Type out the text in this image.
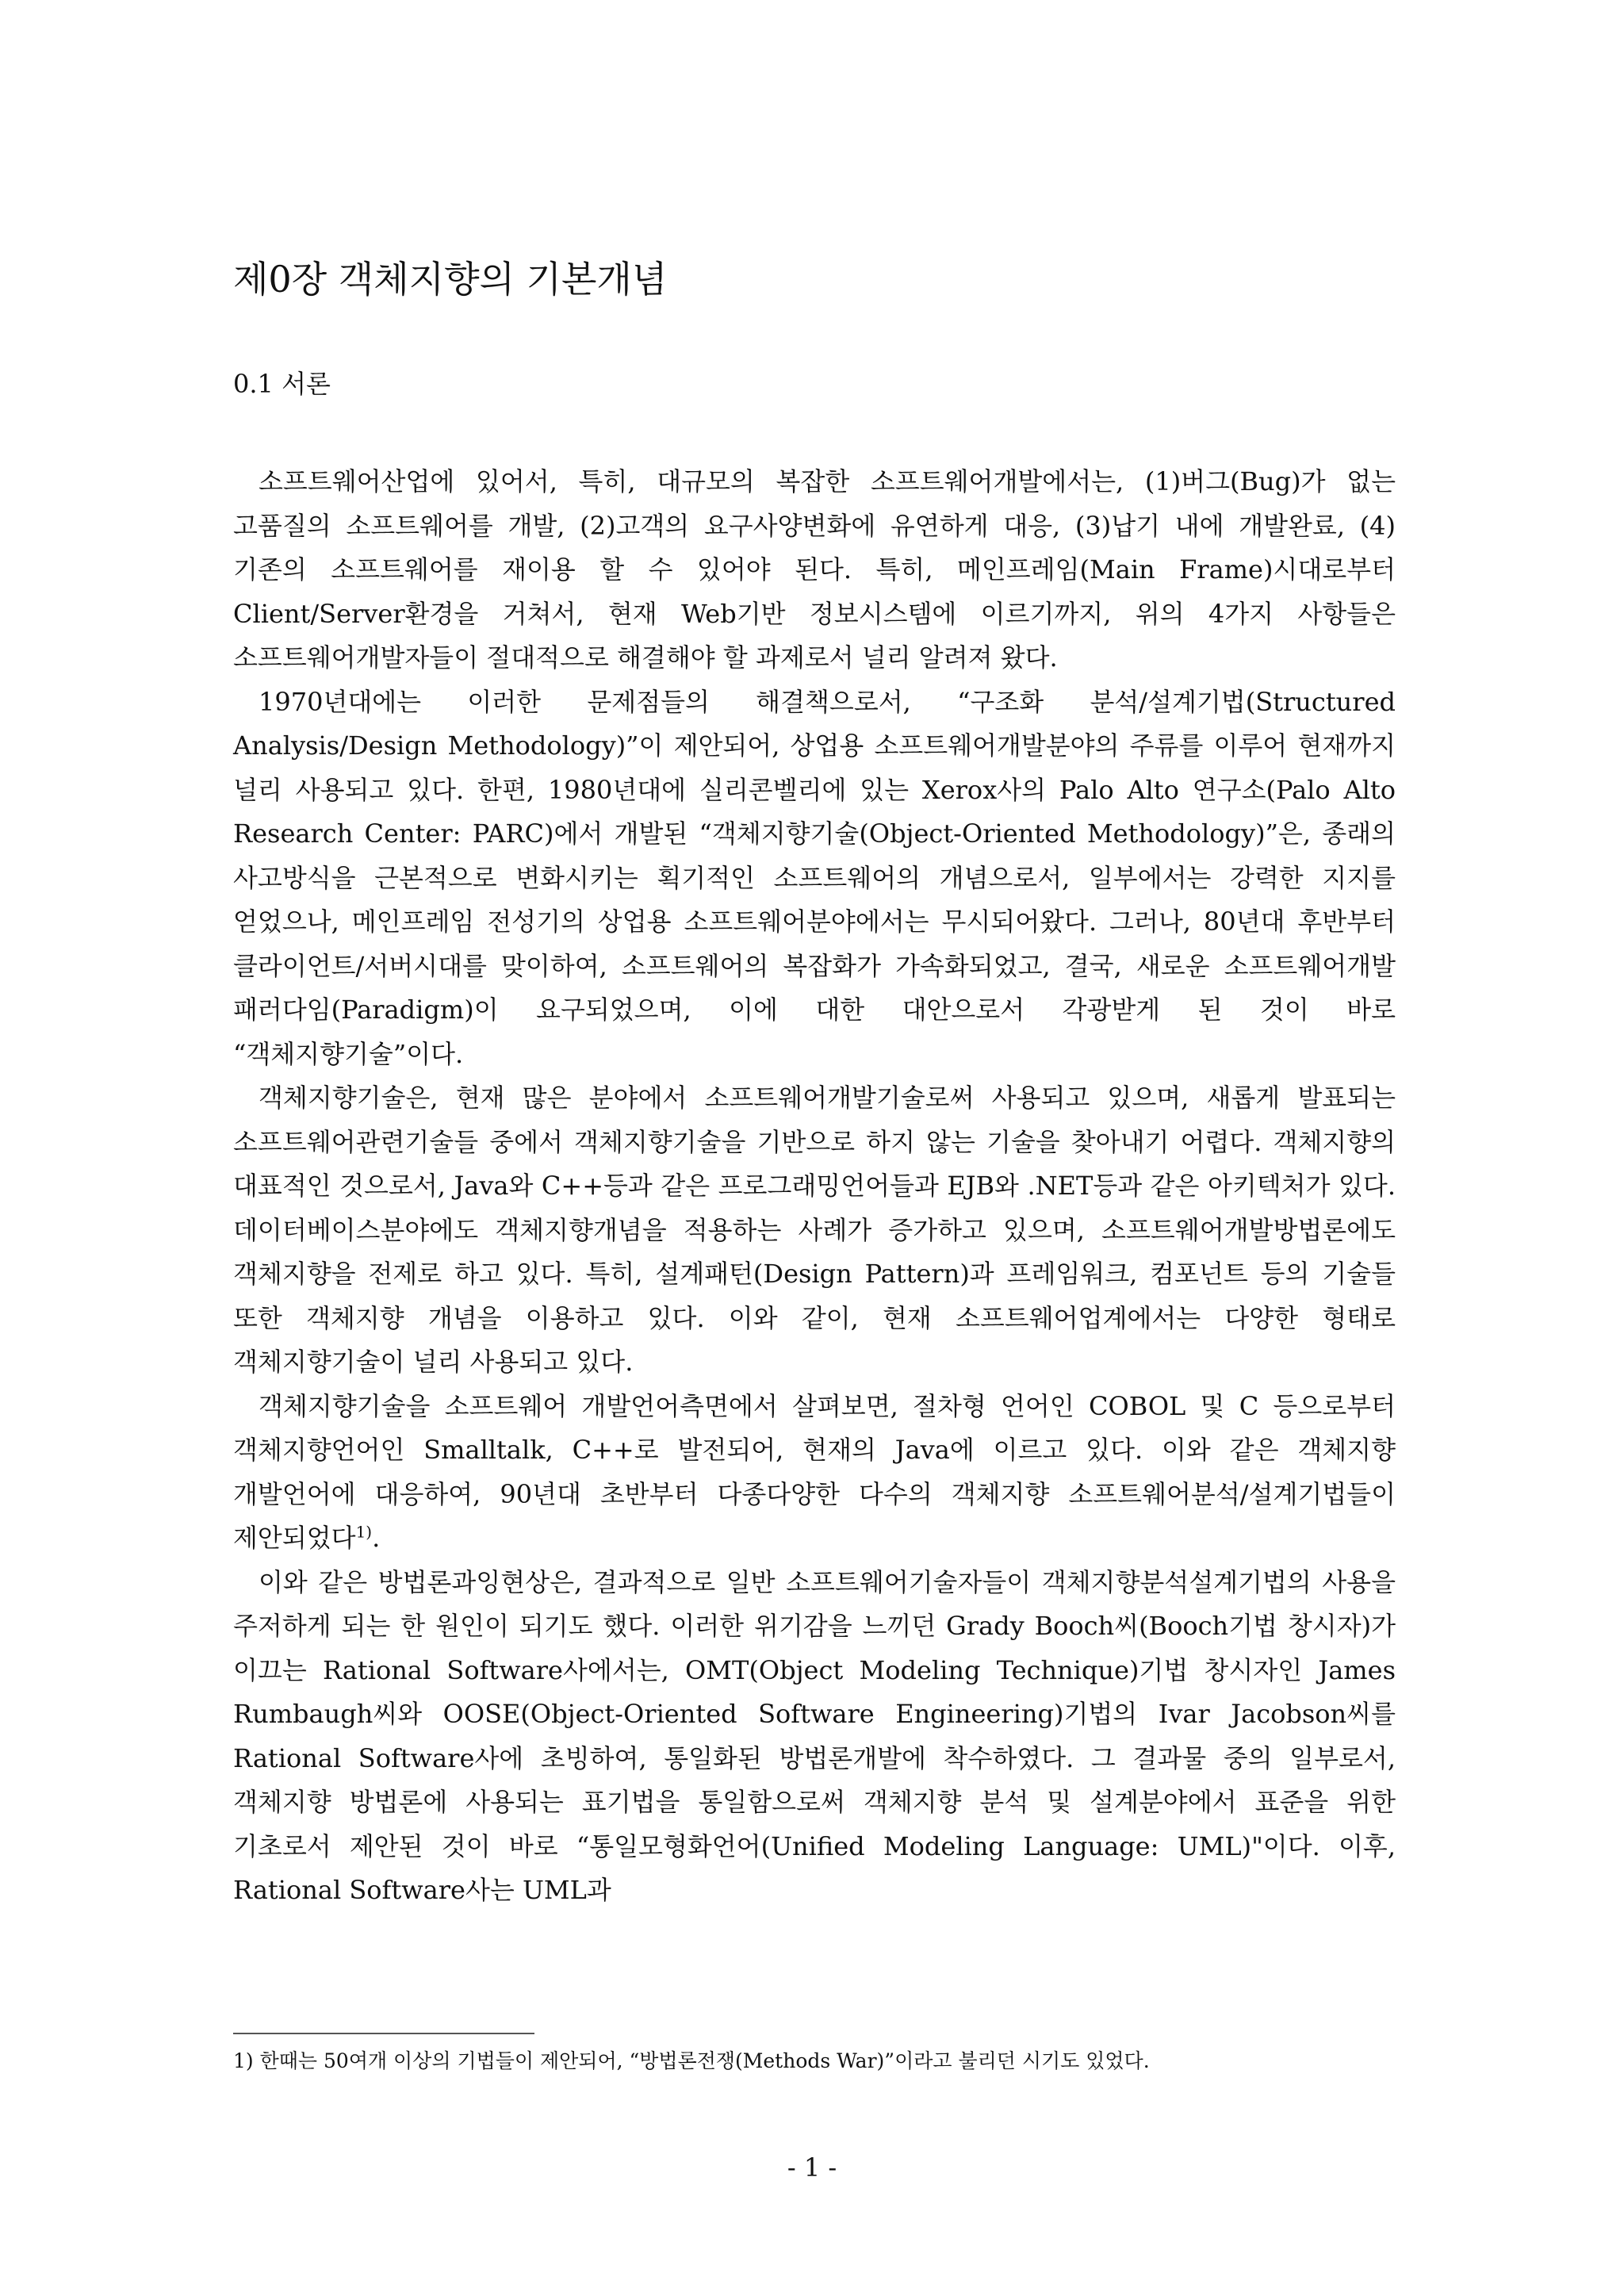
제0장 객체지향의 기본개념
0.1 서론

소프트웨어산업에 있어서, 특히, 대규모의 복잡한 소프트웨어개발에서는, (1)버그(Bug)가 없는 고품질의 소프트웨어를 개발, (2)고객의 요구사양변화에 유연하게 대응, (3)납기 내에 개발완료, (4)기존의 소프트웨어를 재이용 할 수 있어야 된다. 특히, 메인프레임(Main Frame)시대로부터 Client/Server환경을 거쳐서, 현재 Web기반 정보시스템에 이르기까지, 위의 4가지 사항들은 소프트웨어개발자들이 절대적으로 해결해야 할 과제로서 널리 알려져 왔다.

1970년대에는 이러한 문제점들의 해결책으로서, “구조화 분석/설계기법(Structured Analysis/Design Methodology)”이 제안되어, 상업용 소프트웨어개발분야의 주류를 이루어 현재까지 널리 사용되고 있다. 한편, 1980년대에 실리콘벨리에 있는 Xerox사의 Palo Alto 연구소(Palo Alto Research Center: PARC)에서 개발된 “객체지향기술(Object-Oriented Methodology)”은, 종래의 사고방식을 근본적으로 변화시키는 획기적인 소프트웨어의 개념으로서, 일부에서는 강력한 지지를 얻었으나, 메인프레임 전성기의 상업용 소프트웨어분야에서는 무시되어왔다. 그러나, 80년대 후반부터 클라이언트/서버시대를 맞이하여, 소프트웨어의 복잡화가 가속화되었고, 결국, 새로운 소프트웨어개발 패러다임(Paradigm)이 요구되었으며, 이에 대한 대안으로서 각광받게 된 것이 바로 “객체지향기술”이다.

객체지향기술은, 현재 많은 분야에서 소프트웨어개발기술로써 사용되고 있으며, 새롭게 발표되는 소프트웨어관련기술들 중에서 객체지향기술을 기반으로 하지 않는 기술을 찾아내기 어렵다. 객체지향의 대표적인 것으로서, Java와 C++등과 같은 프로그래밍언어들과 EJB와 .NET등과 같은 아키텍처가 있다. 데이터베이스분야에도 객체지향개념을 적용하는 사례가 증가하고 있으며, 소프트웨어개발방법론에도 객체지향을 전제로 하고 있다. 특히, 설계패턴(Design Pattern)과 프레임워크, 컴포넌트 등의 기술들 또한 객체지향 개념을 이용하고 있다. 이와 같이, 현재 소프트웨어업계에서는 다양한 형태로 객체지향기술이 널리 사용되고 있다.

객체지향기술을 소프트웨어 개발언어측면에서 살펴보면, 절차형 언어인 COBOL 및 C 등으로부터 객체지향언어인 Smalltalk, C++로 발전되어, 현재의 Java에 이르고 있다. 이와 같은 객체지향 개발언어에 대응하여, 90년대 초반부터 다종다양한 다수의 객체지향 소프트웨어분석/설계기법들이 제안되었다$^{1)}$.

이와 같은 방법론과잉현상은, 결과적으로 일반 소프트웨어기술자들이 객체지향분석설계기법의 사용을 주저하게 되는 한 원인이 되기도 했다. 이러한 위기감을 느끼던 Grady Booch씨(Booch기법 창시자)가 이끄는 Rational Software사에서는, OMT(Object Modeling Technique)기법 창시자인 James Rumbaugh씨와 OOSE(Object-Oriented Software Engineering)기법의 Ivar Jacobson씨를 Rational Software사에 초빙하여, 통일화된 방법론개발에 착수하였다. 그 결과물 중의 일부로서, 객체지향 방법론에 사용되는 표기법을 통일함으로써 객체지향 분석 및 설계분야에서 표준을 위한 기초로서 제안된 것이 바로 “통일모형화언어(Unified Modeling Language: UML)"이다. 이후, Rational Software사는 UML과

1) 한때는 50여개 이상의 기법들이 제안되어, “방법론전쟁(Methods War)”이라고 불리던 시기도 있었다.

- 1 -
